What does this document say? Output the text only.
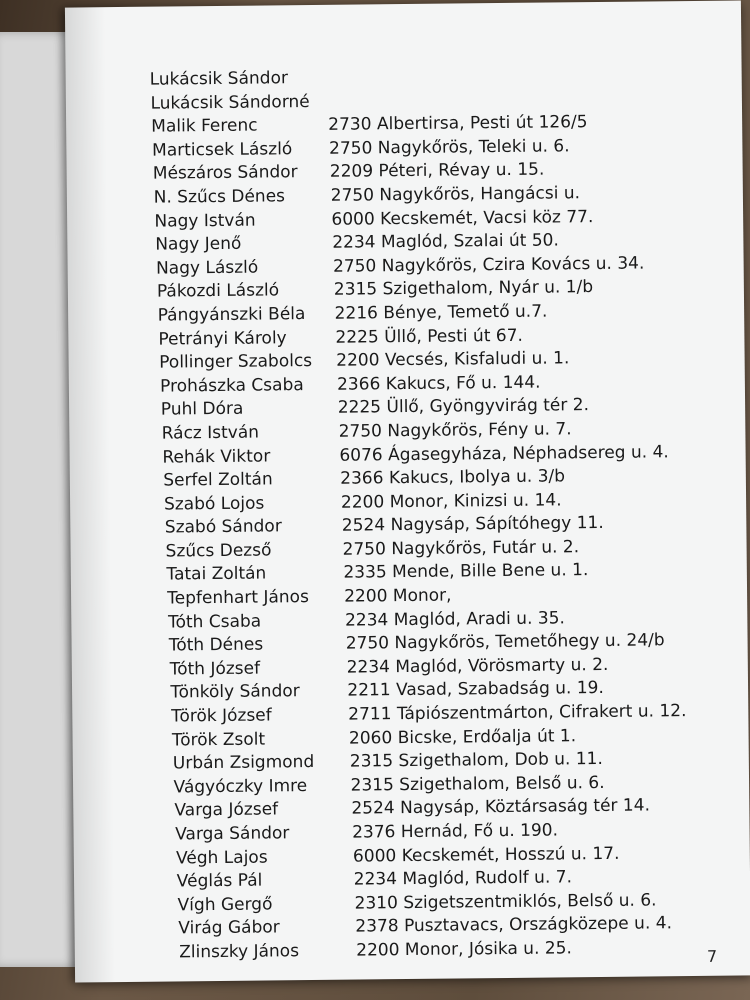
Lukácsik Sándor
Lukácsik Sándorné
Malik Ferenc	2730 Albertirsa, Pesti út 126/5
Marticsek László 2750 Nagykőrös, Teleki u. 6.
Mészáros Sándor 2209 Péteri, Révay u. 15.
N. Szűcs Dénes	2750 Nagykőrös, Hangácsi u.
Nagy István	6000 Kecskemét, Vacsi köz 77.
Nagy Jenő	2234 Maglód, Szalai út 50.
Nagy László	2750 Nagykőrös, Czira Kovács u. 34.
Pákozdi László	2315 Szigethalom, Nyár u. 1/b
Pángyánszki Béla 2216 Bénye, Temető u.7.
Petrányi Károly	2225 Üllő, Pesti út 67.
Pollinger Szabolcs 2200 Vecsés, Kisfaludi u. 1.
Prohászka Csaba 2366 Kakucs, Fő u. 144.
Puhl Dóra	2225 Üllő, Gyöngyvirág tér 2.
Rácz István	2750 Nagykőrös, Fény u. 7.
Rehák Viktor	6076 Ágasegyháza, Néphadsereg u. 4.
Serfel Zoltán	2366 Kakucs, Ibolya u. 3/b
Szabó Lojos	2200 Monor, Kinizsi u. 14.
Szabó Sándor	2524 Nagysáp, Sápítóhegy 11.
Szűcs Dezső	2750 Nagykőrös, Futár u. 2.
Tatai Zoltán	2335 Mende, Bille Bene u. 1.
Tepfenhart János 2200 Monor,
Tóth Csaba	2234 Maglód, Aradi u. 35.
Tóth Dénes	2750 Nagykőrös, Temetőhegy u. 24/b
Tóth József	2234 Maglód, Vörösmarty u. 2.
Tönköly Sándor	2211 Vasad, Szabadság u. 19.
Török József	2711 Tápiószentmárton, Cifrakert u. 12.
Török Zsolt	2060 Bicske, Erdőalja út 1.
Urbán Zsigmond 2315 Szigethalom, Dob u. 11.
Vágyóczky Imre	2315 Szigethalom, Belső u. 6.
Varga József	2524 Nagysáp, Köztársaság tér 14.
Varga Sándor	2376 Hernád, Fő u. 190.
Végh Lajos	6000 Kecskemét, Hosszú u. 17.
Véglás Pál	2234 Maglód, Rudolf u. 7.
Vígh Gergő	2310 Szigetszentmiklós, Belső u. 6.
Virág Gábor	2378 Pusztavacs, Országközepe u. 4.
Zlinszky János	2200 Monor, Jósika u. 25.	7
